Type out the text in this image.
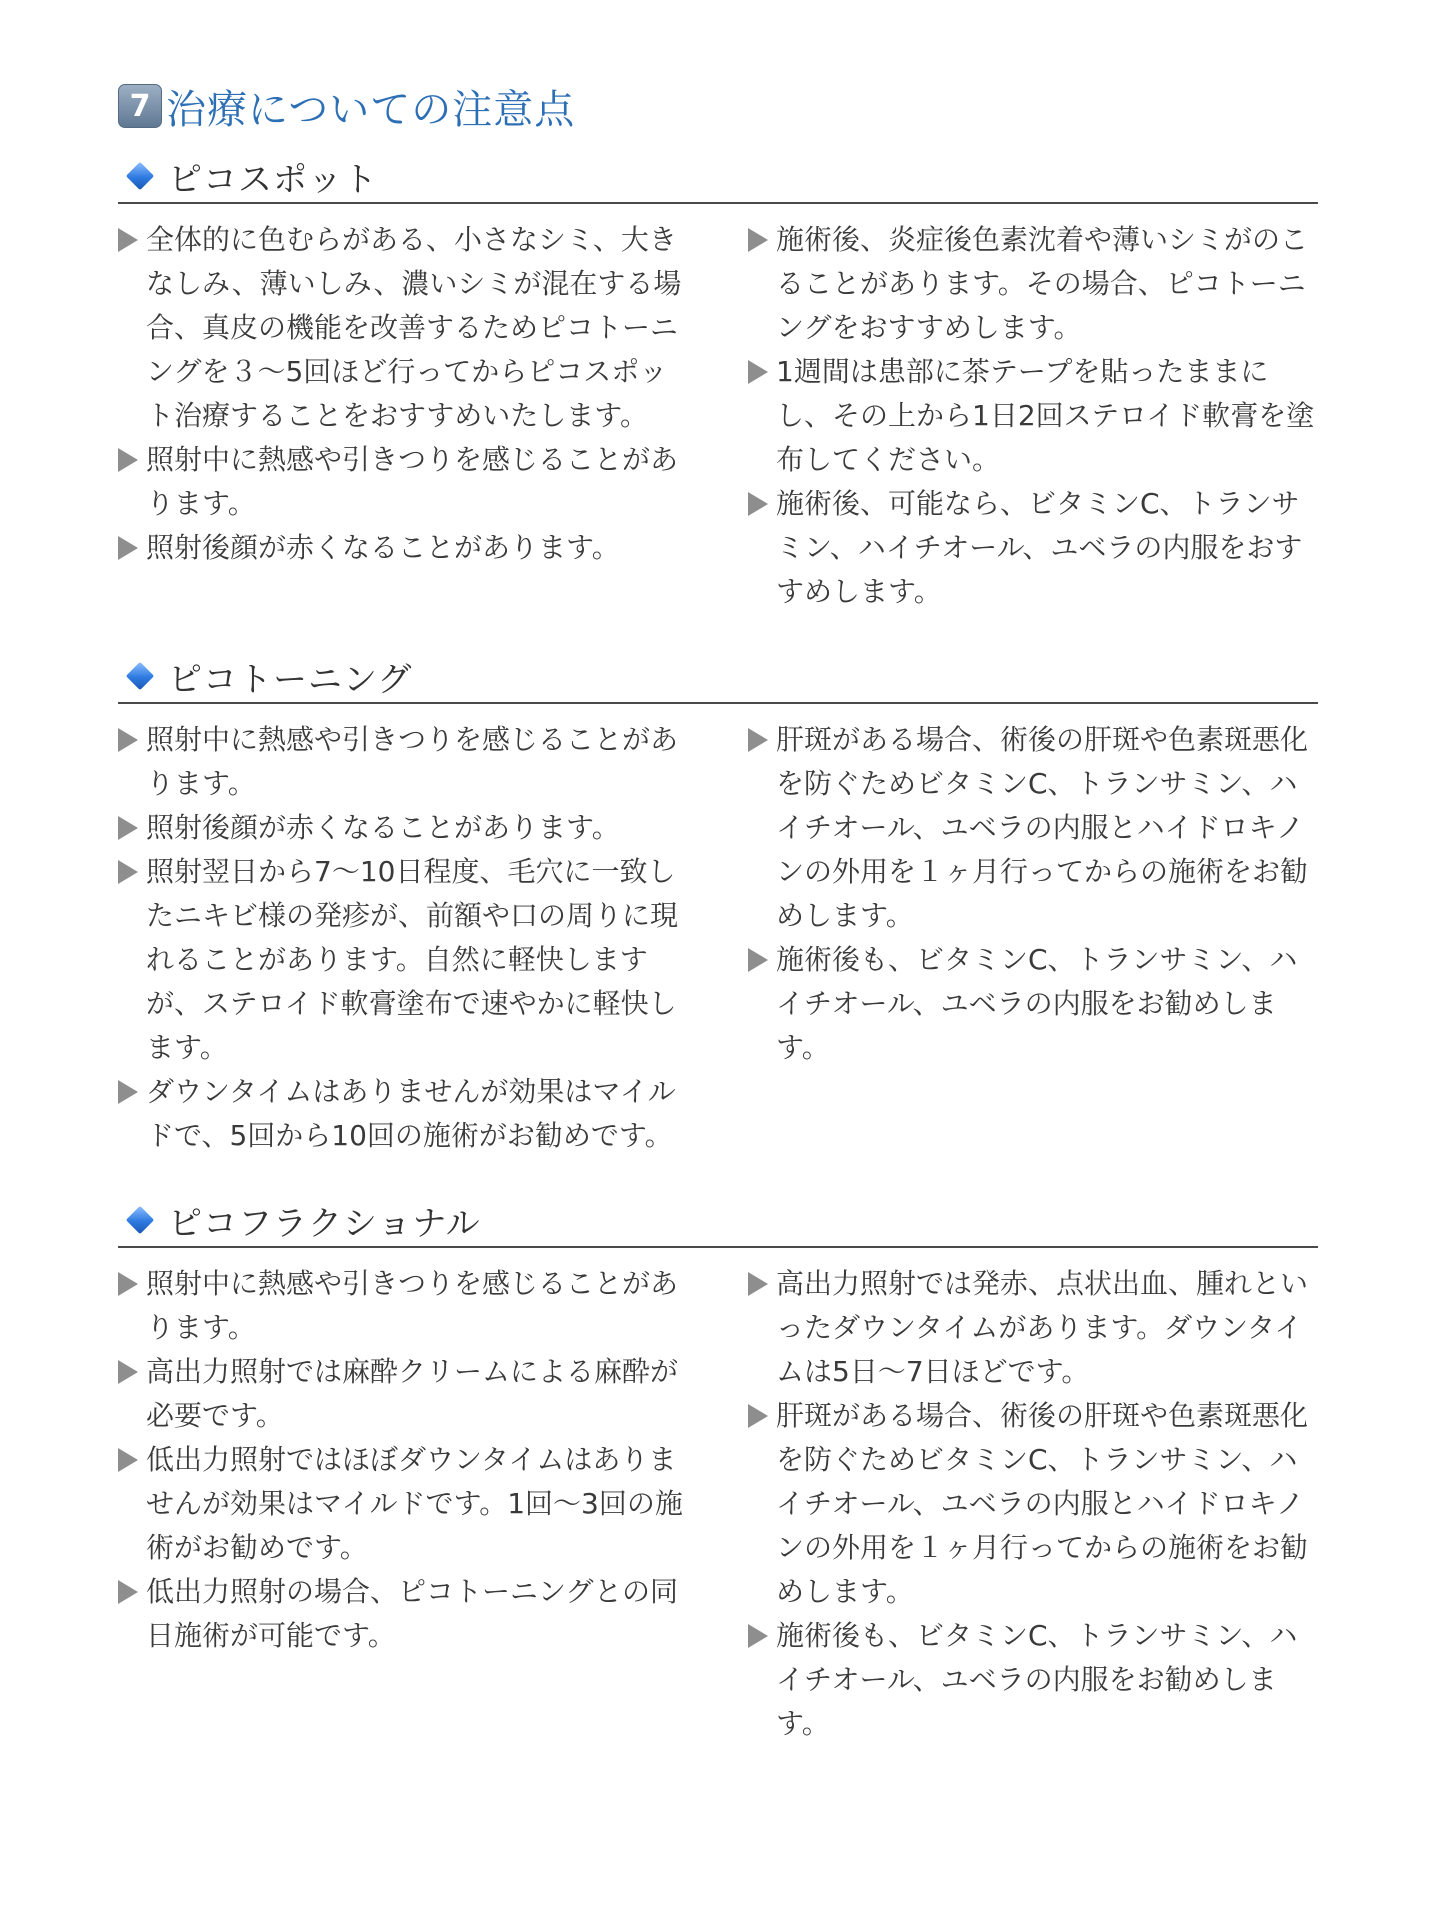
7 治療についての注意点
ピコスポット
全体的に色むらがある、小さなシミ、大きなしみ、薄いしみ、濃いシミが混在する場合、真皮の機能を改善するためピコトーニングを３〜5回ほど行ってからピコスポット治療することをおすすめいたします。
照射中に熱感や引きつりを感じることがあります。
照射後顔が赤くなることがあります。
施術後、炎症後色素沈着や薄いシミがのこることがあります。その場合、ピコトーニングをおすすめします。
1週間は患部に茶テープを貼ったままにし、その上から1日2回ステロイド軟膏を塗布してください。
施術後、可能なら、ビタミンC、トランサミン、ハイチオール、ユベラの内服をおすすめします。
ピコトーニング
照射中に熱感や引きつりを感じることがあります。
照射後顔が赤くなることがあります。
照射翌日から7〜10日程度、毛穴に一致したニキビ様の発疹が、前額や口の周りに現れることがあります。自然に軽快しますが、ステロイド軟膏塗布で速やかに軽快します。
ダウンタイムはありませんが効果はマイルドで、5回から10回の施術がお勧めです。
肝斑がある場合、術後の肝斑や色素斑悪化を防ぐためビタミンC、トランサミン、ハイチオール、ユベラの内服とハイドロキノンの外用を１ヶ月行ってからの施術をお勧めします。
施術後も、ビタミンC、トランサミン、ハイチオール、ユベラの内服をお勧めします。
ピコフラクショナル
照射中に熱感や引きつりを感じることがあります。
高出力照射では麻酔クリームによる麻酔が必要です。
低出力照射ではほぼダウンタイムはありませんが効果はマイルドです。1回〜3回の施術がお勧めです。
低出力照射の場合、ピコトーニングとの同日施術が可能です。
高出力照射では発赤、点状出血、腫れといったダウンタイムがあります。ダウンタイムは5日〜7日ほどです。
肝斑がある場合、術後の肝斑や色素斑悪化を防ぐためビタミンC、トランサミン、ハイチオール、ユベラの内服とハイドロキノンの外用を１ヶ月行ってからの施術をお勧めします。
施術後も、ビタミンC、トランサミン、ハイチオール、ユベラの内服をお勧めします。
